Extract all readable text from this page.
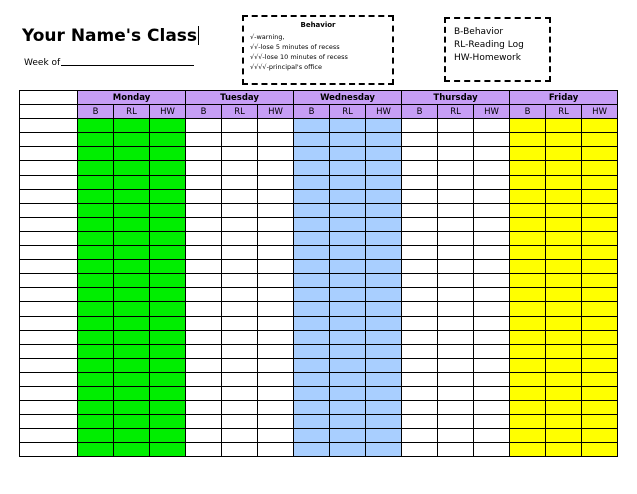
Your Name's Class
Week of
Behavior
√-warning,
√√-lose 5 minutes of recess
√√√-lose 10 minutes of recess
√√√√-principal's office
B-Behavior
RL-Reading Log
HW-Homework
	Monday			Tuesday			Wednesday			Thursday			Friday		
	B	RL	HW	B	RL	HW	B	RL	HW	B	RL	HW	B	RL	HW
